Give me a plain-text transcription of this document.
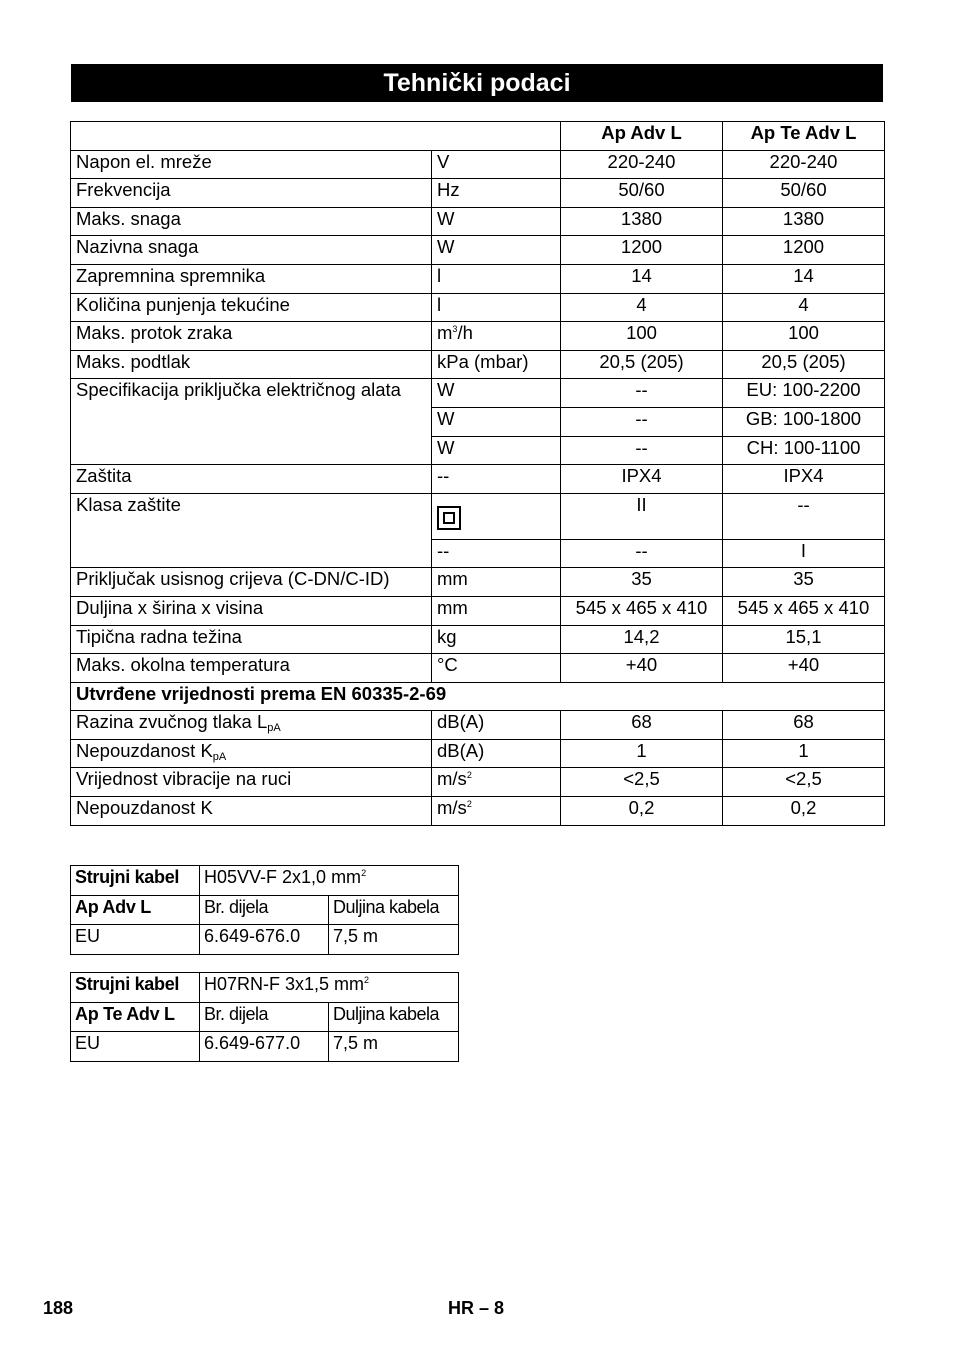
Tehnički podaci
		Ap Adv L	Ap Te Adv L
Napon el. mreže	V	220-240	220-240
Frekvencija	Hz	50/60	50/60
Maks. snaga	W	1380	1380
Nazivna snaga	W	1200	1200
Zapremnina spremnika	l	14	14
Količina punjenja tekućine	l	4	4
Maks. protok zraka	$m^3/h$	100	100
Maks. podtlak	kPa (mbar)	20,5 (205)	20,5 (205)
Specifikacija priključka električnog alata	W	--	EU: 100-2200
	W	--	GB: 100-1800
	W	--	CH: 100-1100
Zaštita	--	IPX4	IPX4
Klasa zaštite		II	--
	--	--	I
Priključak usisnog crijeva (C-DN/C-ID)	mm	35	35
Duljina x širina x visina	mm	545 x 465 x 410	545 x 465 x 410
Tipična radna težina	kg	14,2	15,1
Maks. okolna temperatura	°C	+40	+40
Utvrđene vrijednosti prema EN 60335-2-69			
Razina zvučnog tlaka $L_{pA}$	dB(A)	68	68
Nepouzdanost $K_{pA}$	dB(A)	1	1
Vrijednost vibracije na ruci	$m/s^2$	<2,5	<2,5
Nepouzdanost K	$m/s^2$	0,2	0,2
Strujni kabel	H05VV-F 2x1,0 $mm^2$
Ap Adv L	Br. dijela	Duljina kabela
EU	6.649-676.0	7,5 m
Strujni kabel	H07RN-F 3x1,5 $mm^2$
Ap Te Adv L	Br. dijela	Duljina kabela
EU	6.649-677.0	7,5 m
188	HR – 8
